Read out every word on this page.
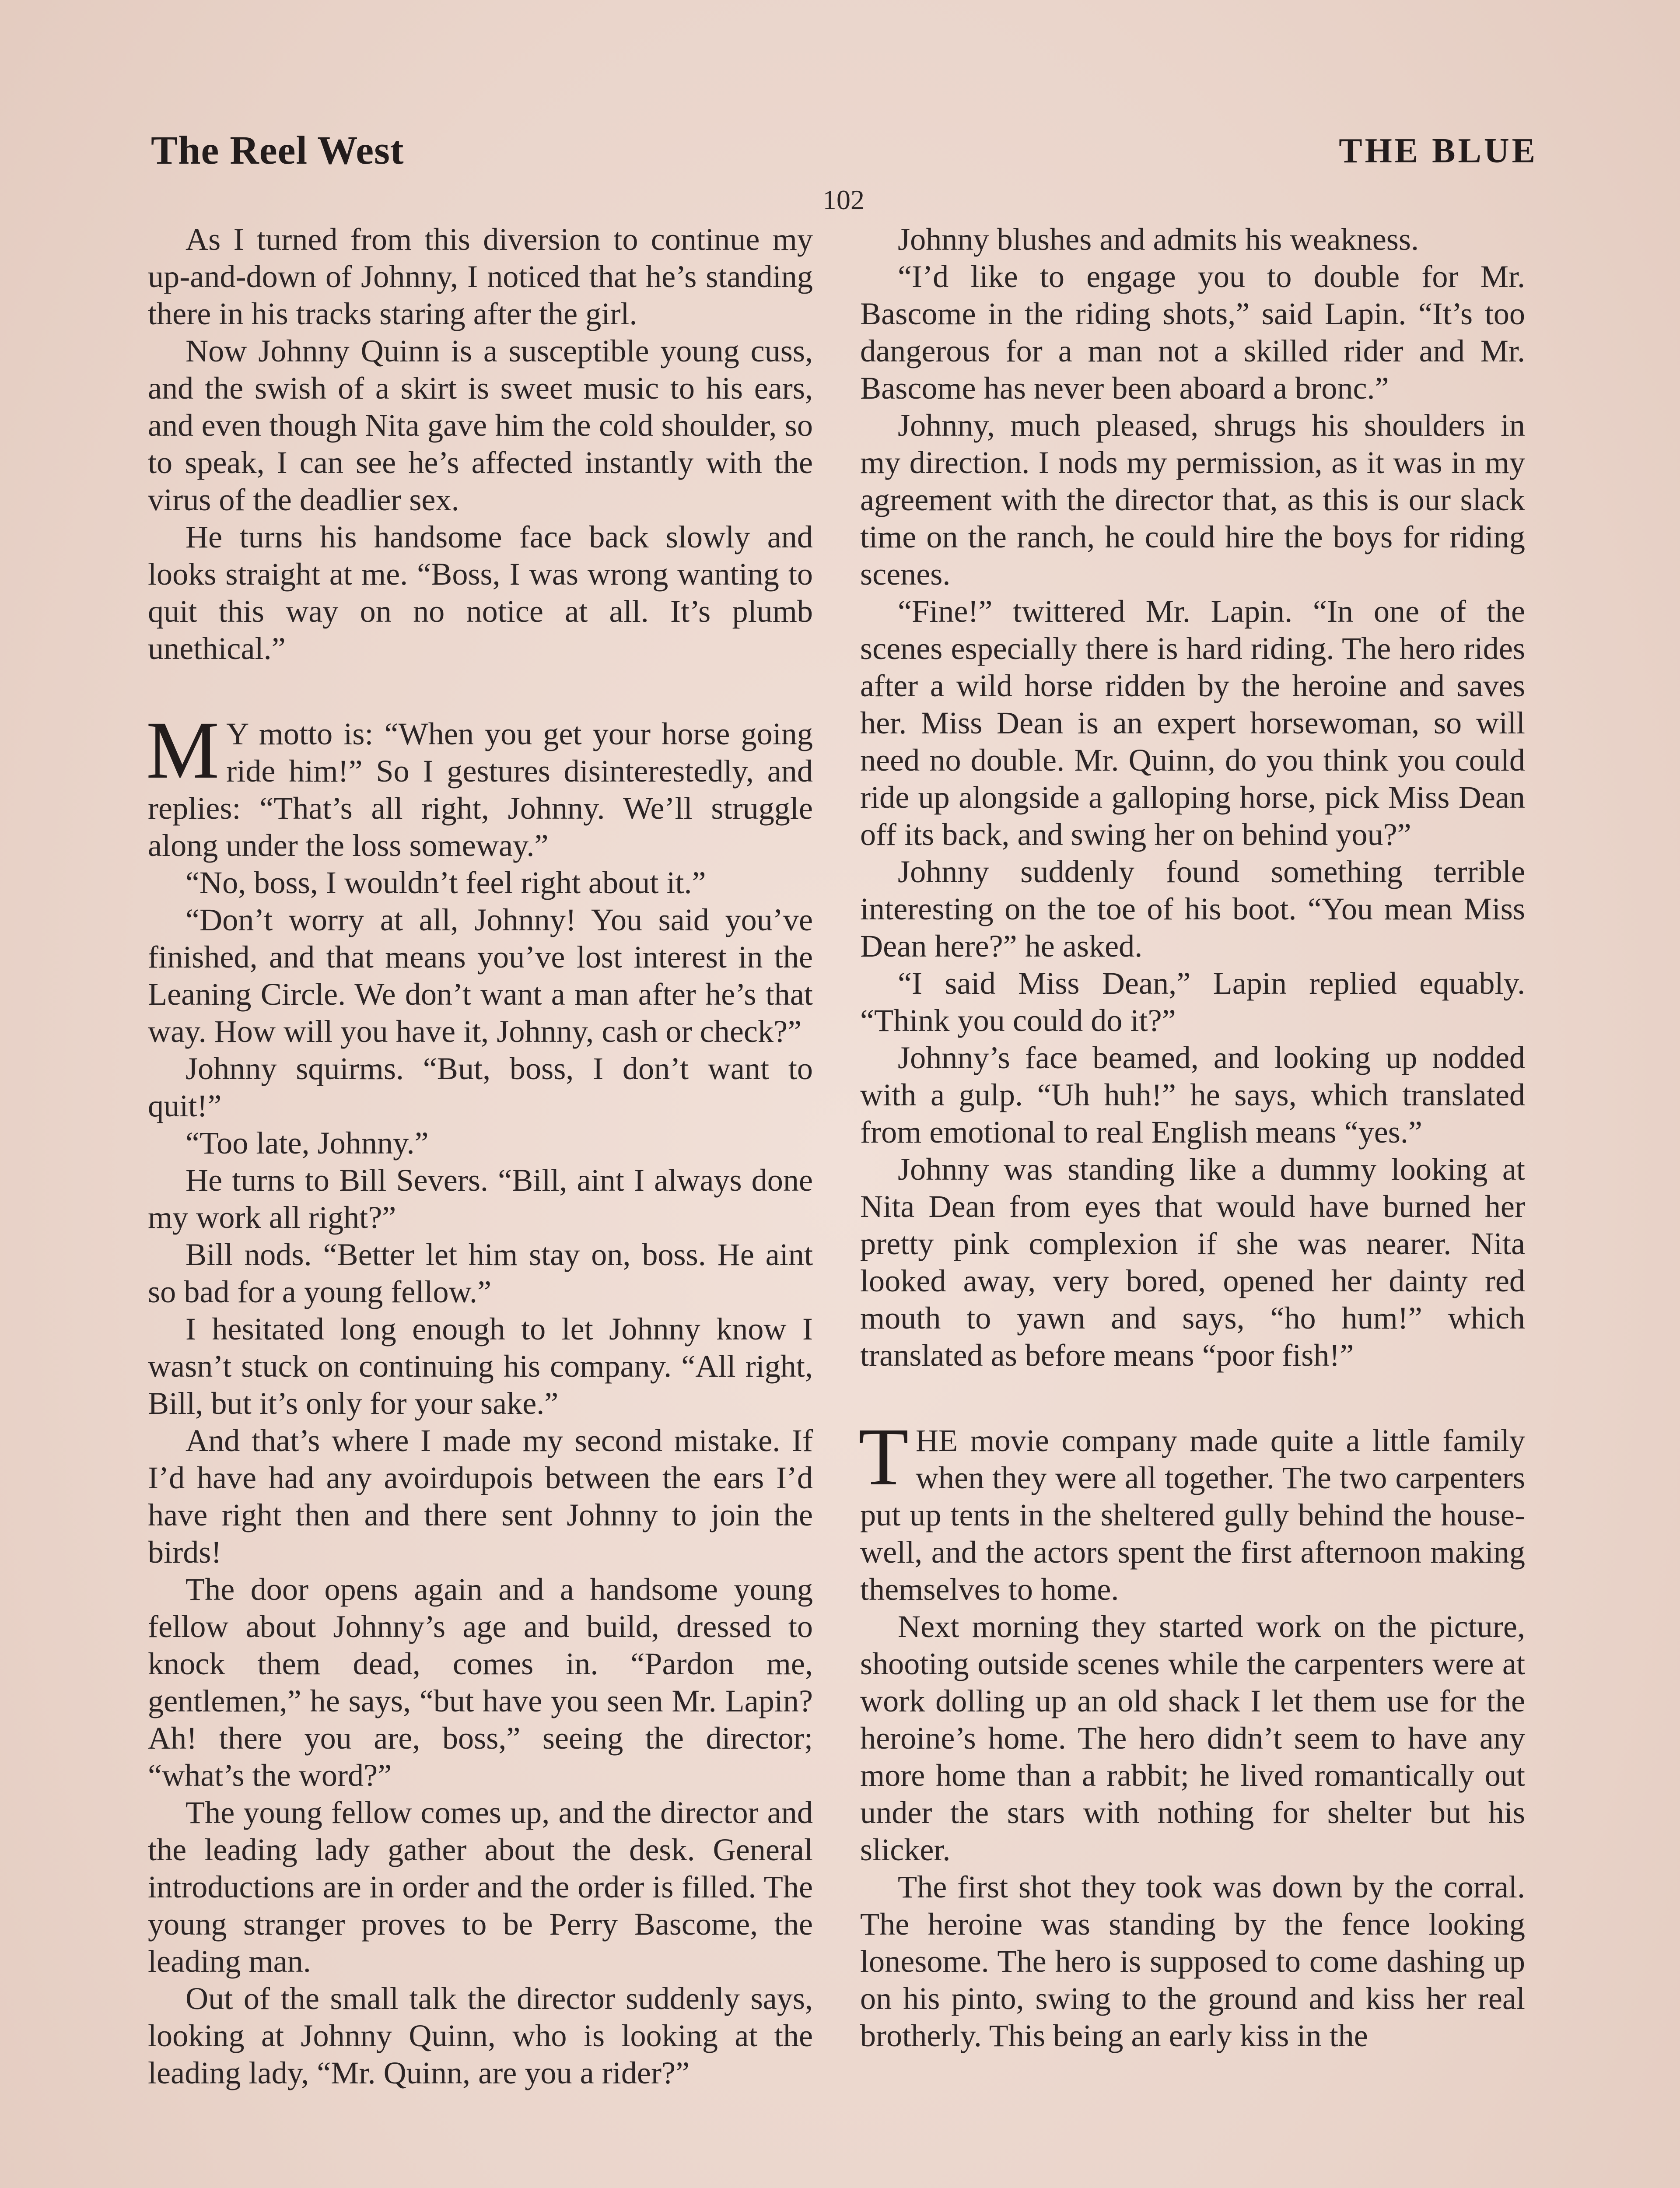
The Reel West	THE BLUE
102

As I turned from this diversion to continue my up-and-down of Johnny, I noticed that he’s standing there in his tracks staring after the girl.

Now Johnny Quinn is a susceptible young cuss, and the swish of a skirt is sweet music to his ears, and even though Nita gave him the cold shoulder, so to speak, I can see he’s affected instantly with the virus of the deadlier sex.

He turns his handsome face back slowly and looks straight at me. “Boss, I was wrong wanting to quit this way on no notice at all. It’s plumb unethical.”

M Y motto is: “When you get your horse going ride him!” So I gestures disinterestedly, and replies: “That’s all right, Johnny. We’ll struggle along under the loss someway.”

“No, boss, I wouldn’t feel right about it.”

“Don’t worry at all, Johnny! You said you’ve finished, and that means you’ve lost interest in the Leaning Circle. We don’t want a man after he’s that way. How will you have it, Johnny, cash or check?”

Johnny squirms. “But, boss, I don’t want to quit!”

“Too late, Johnny.”

He turns to Bill Severs. “Bill, aint I always done my work all right?”

Bill nods. “Better let him stay on, boss. He aint so bad for a young fellow.”

I hesitated long enough to let Johnny know I wasn’t stuck on continuing his company. “All right, Bill, but it’s only for your sake.”

And that’s where I made my second mistake. If I’d have had any avoirdupois between the ears I’d have right then and there sent Johnny to join the birds!

The door opens again and a handsome young fellow about Johnny’s age and build, dressed to knock them dead, comes in. “Pardon me, gentlemen,” he says, “but have you seen Mr. Lapin? Ah! there you are, boss,” seeing the director; “what’s the word?”

The young fellow comes up, and the director and the leading lady gather about the desk. General introductions are in order and the order is filled. The young stranger proves to be Perry Bascome, the leading man.

Out of the small talk the director suddenly says, looking at Johnny Quinn, who is looking at the leading lady, “Mr. Quinn, are you a rider?”

Johnny blushes and admits his weakness.

“I’d like to engage you to double for Mr. Bascome in the riding shots,” said Lapin. “It’s too dangerous for a man not a skilled rider and Mr. Bascome has never been aboard a bronc.”

Johnny, much pleased, shrugs his shoulders in my direction. I nods my permission, as it was in my agreement with the director that, as this is our slack time on the ranch, he could hire the boys for riding scenes.

“Fine!” twittered Mr. Lapin. “In one of the scenes especially there is hard riding. The hero rides after a wild horse ridden by the heroine and saves her. Miss Dean is an expert horsewoman, so will need no double. Mr. Quinn, do you think you could ride up alongside a galloping horse, pick Miss Dean off its back, and swing her on behind you?”

Johnny suddenly found something terrible interesting on the toe of his boot. “You mean Miss Dean here?” he asked.

“I said Miss Dean,” Lapin replied equably. “Think you could do it?”

Johnny’s face beamed, and looking up nodded with a gulp. “Uh huh!” he says, which translated from emotional to real English means “yes.”

Johnny was standing like a dummy looking at Nita Dean from eyes that would have burned her pretty pink complexion if she was nearer. Nita looked away, very bored, opened her dainty red mouth to yawn and says, “ho hum!” which translated as before means “poor fish!”

THE movie company made quite a little family when they were all together. The two carpenters put up tents in the sheltered gully behind the house-well, and the actors spent the first afternoon making themselves to home.

Next morning they started work on the picture, shooting outside scenes while the carpenters were at work dolling up an old shack I let them use for the heroine’s home. The hero didn’t seem to have any more home than a rabbit; he lived romantically out under the stars with nothing for shelter but his slicker.

The first shot they took was down by the corral. The heroine was standing by the fence looking lonesome. The hero is supposed to come dashing up on his pinto, swing to the ground and kiss her real brotherly. This being an early kiss in the
